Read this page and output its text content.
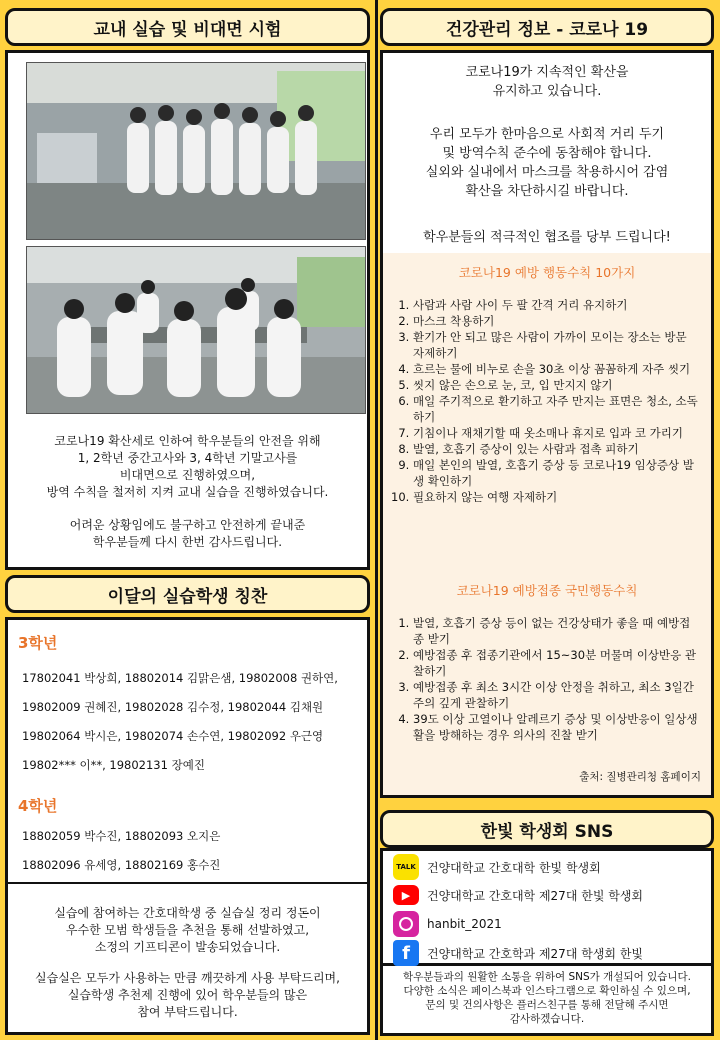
교내 실습 및 비대면 시험
코로나19 확산세로 인하여 학우분들의 안전을 위해
1, 2학년 중간고사와 3, 4학년 기말고사를
비대면으로 진행하였으며,
방역 수칙을 철저히 지켜 교내 실습을 진행하였습니다.
어려운 상황임에도 불구하고 안전하게 끝내준
학우분들께 다시 한번 감사드립니다.
이달의 실습학생 칭찬
3학년
17802041 박상희, 18802014 김맑은샘, 19802008 권하연,
19802009 권혜진, 19802028 김수정, 19802044 김채원
19802064 박시은, 19802074 손수연, 19802092 우근영
19802*** 이**, 19802131 장예진
4학년
18802059 박수진, 18802093 오지은
18802096 유세영, 18802169 홍수진
실습에 참여하는 간호대학생 중 실습실 정리 정돈이
우수한 모범 학생들을 추천을 통해 선발하였고,
소정의 기프티콘이 발송되었습니다.
실습실은 모두가 사용하는 만큼 깨끗하게 사용 부탁드리며,
실습학생 추천제 진행에 있어 학우분들의 많은
참여 부탁드립니다.
건강관리 정보 - 코로나 19
코로나19가 지속적인 확산을
유지하고 있습니다.
우리 모두가 한마음으로 사회적 거리 두기
및 방역수칙 준수에 동참해야 합니다.
실외와 실내에서 마스크를 착용하시어 감염
확산을 차단하시길 바랍니다.
학우분들의 적극적인 협조를 당부 드립니다!
코로나19 예방 행동수칙 10가지
1. 사람과 사람 사이 두 팔 간격 거리 유지하기
2. 마스크 착용하기
3. 환기가 안 되고 많은 사람이 가까이 모이는 장소는 방문 자제하기
4. 흐르는 물에 비누로 손을 30초 이상 꼼꼼하게 자주 씻기
5. 씻지 않은 손으로 눈, 코, 입 만지지 않기
6. 매일 주기적으로 환기하고 자주 만지는 표면은 청소, 소독하기
7. 기침이나 재채기할 때 옷소매나 휴지로 입과 코 가리기
8. 발열, 호흡기 증상이 있는 사람과 접촉 피하기
9. 매일 본인의 발열, 호흡기 증상 등 코로나19 임상증상 발생 확인하기
10. 필요하지 않는 여행 자제하기
코로나19 예방접종 국민행동수칙
1. 발열, 호흡기 증상 등이 없는 건강상태가 좋을 때 예방접종 받기
2. 예방접종 후 접종기관에서 15~30분 머물며 이상반응 관찰하기
3. 예방접종 후 최소 3시간 이상 안정을 취하고, 최소 3일간 주의 깊게 관찰하기
4. 39도 이상 고열이나 알레르기 증상 및 이상반응이 일상생활을 방해하는 경우 의사의 진찰 받기
출처: 질병관리청 홈페이지
한빛 학생회 SNS
TALK 건양대학교 간호대학 한빛 학생회
▶	건양대학교 간호대학 제27대 한빛 학생회
hanbit_2021
f	건양대학교 간호학과 제27대 학생회 한빛
학우분들과의 원활한 소통을 위하여 SNS가 개설되어 있습니다.
다양한 소식은 페이스북과 인스타그램으로 확인하실 수 있으며,
문의 및 건의사항은 플러스친구를 통해 전달해 주시면
감사하겠습니다.
